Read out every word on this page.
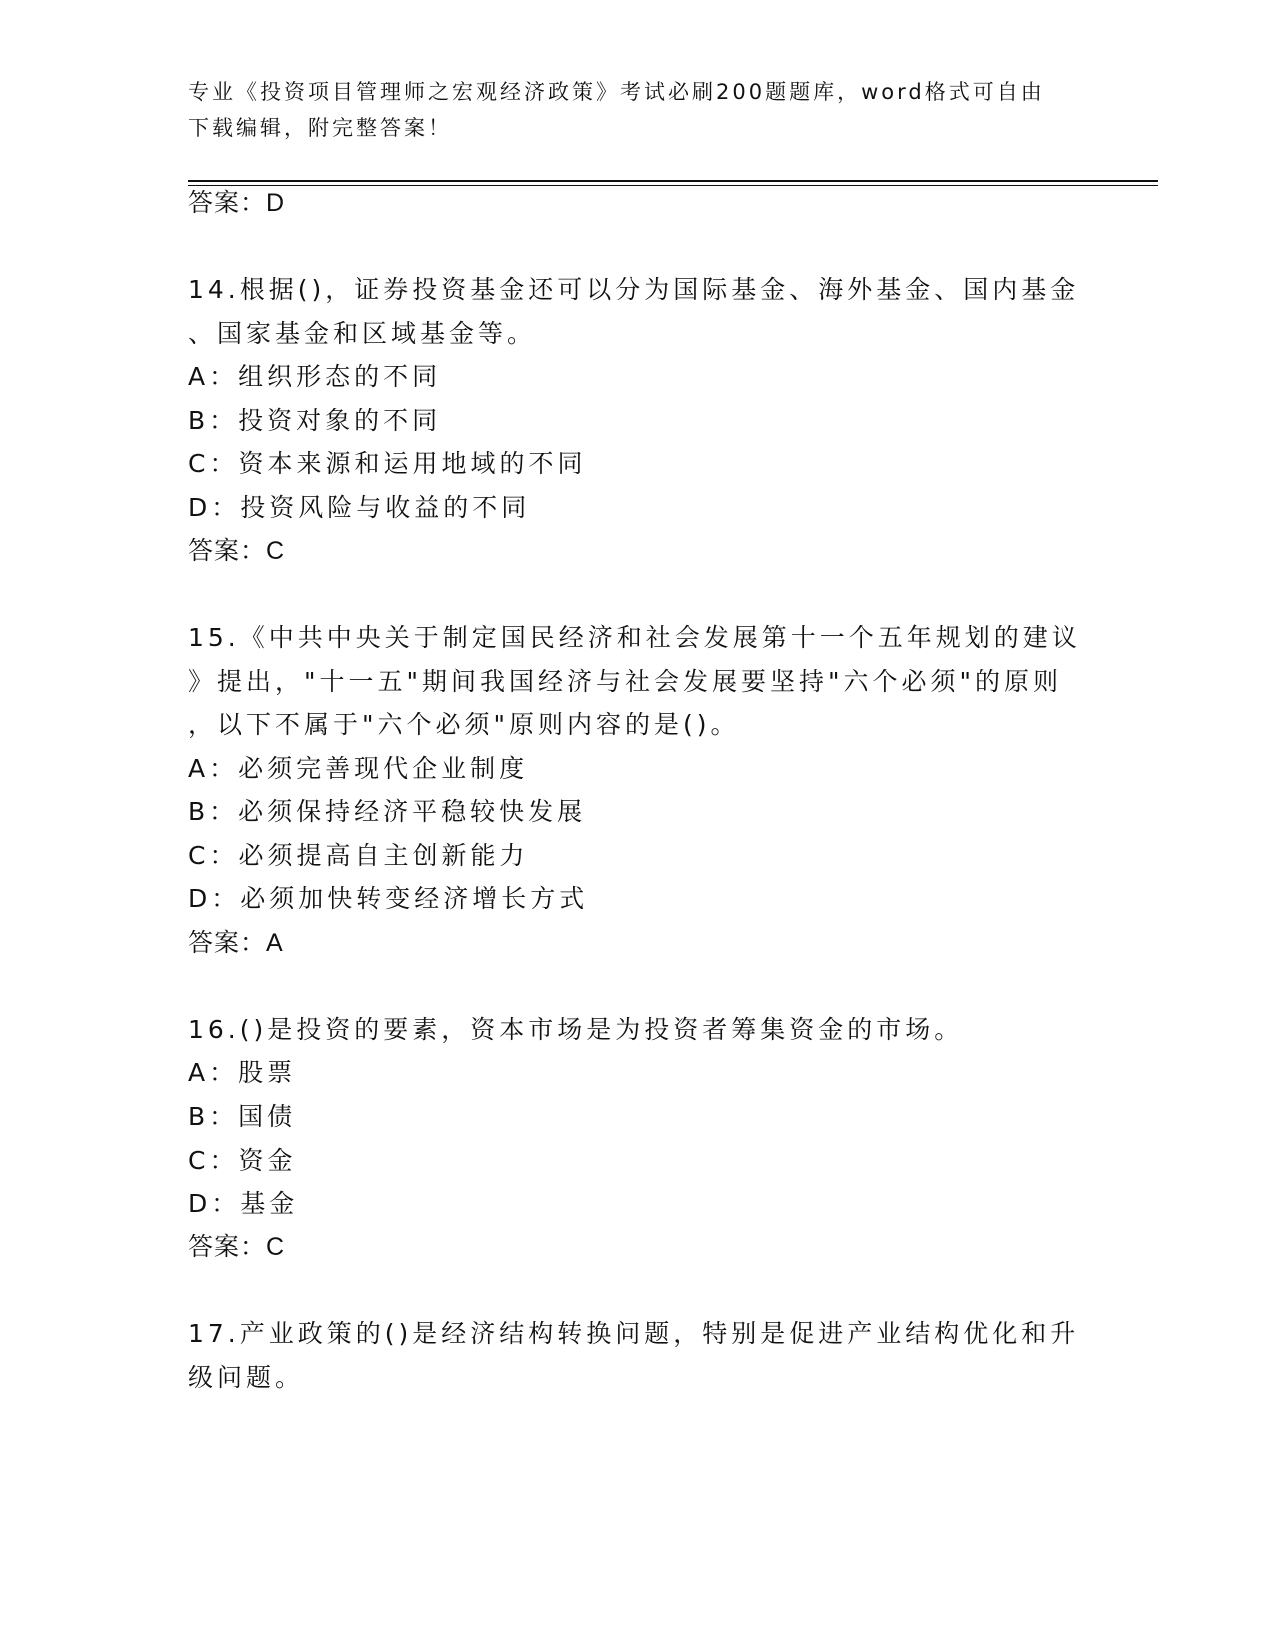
专业《投资项目管理师之宏观经济政策》考试必刷200题题库，word格式可自由
下载编辑，附完整答案！
答案：D
14.根据()，证券投资基金还可以分为国际基金、海外基金、国内基金
、国家基金和区域基金等。
A：组织形态的不同
B：投资对象的不同
C：资本来源和运用地域的不同
D：投资风险与收益的不同
答案：C
15.《中共中央关于制定国民经济和社会发展第十一个五年规划的建议
》提出，"十一五"期间我国经济与社会发展要坚持"六个必须"的原则
，以下不属于"六个必须"原则内容的是()。
A：必须完善现代企业制度
B：必须保持经济平稳较快发展
C：必须提高自主创新能力
D：必须加快转变经济增长方式
答案：A
16.()是投资的要素，资本市场是为投资者筹集资金的市场。
A：股票
B：国债
C：资金
D：基金
答案：C
17.产业政策的()是经济结构转换问题，特别是促进产业结构优化和升
级问题。
